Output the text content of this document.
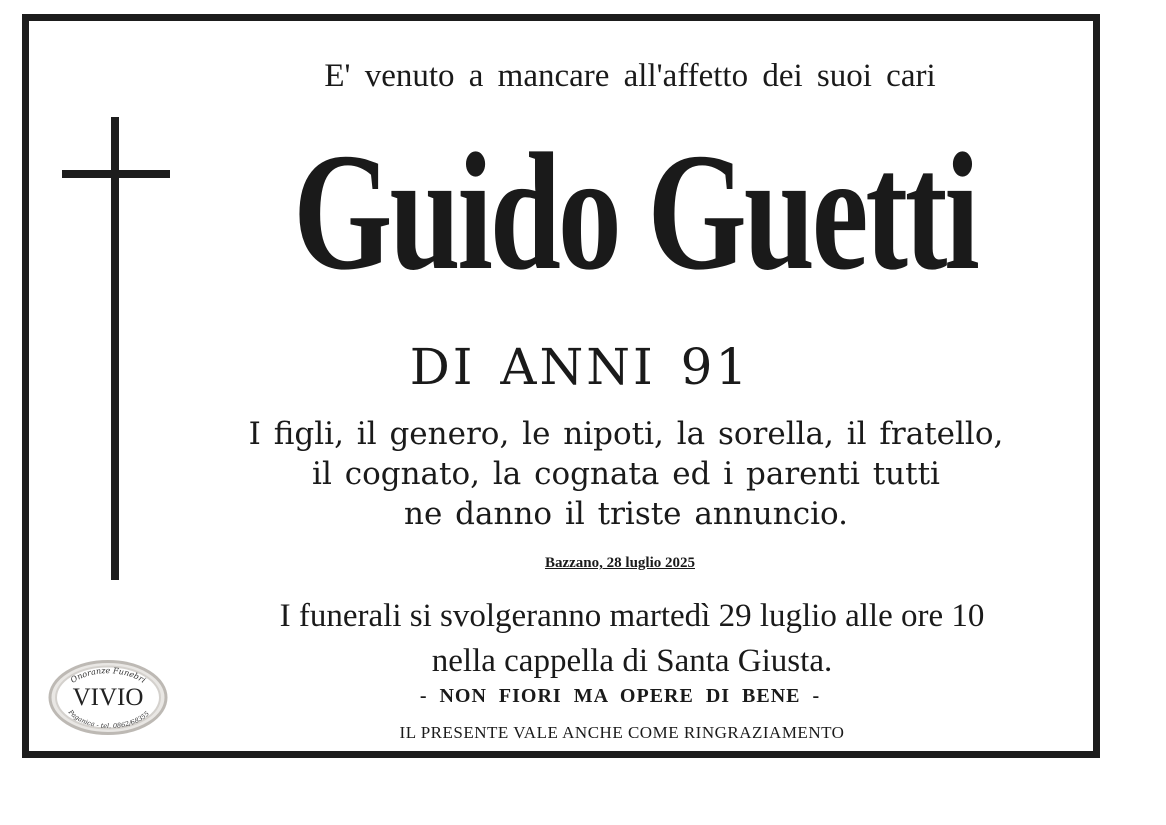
E' venuto a mancare all'affetto dei suoi cari
Guido Guetti
DI ANNI 91
I figli, il genero, le nipoti, la sorella, il fratello,
il cognato, la cognata ed i parenti tutti
ne danno il triste annuncio.
Bazzano, 28 luglio 2025
I funerali si svolgeranno martedì 29 luglio alle ore 10
nella cappella di Santa Giusta.
- NON FIORI MA OPERE DI BENE -
IL PRESENTE VALE ANCHE COME RINGRAZIAMENTO
Onoranze Funebri
VIVIO
Paganica - tel. 0862/68355
